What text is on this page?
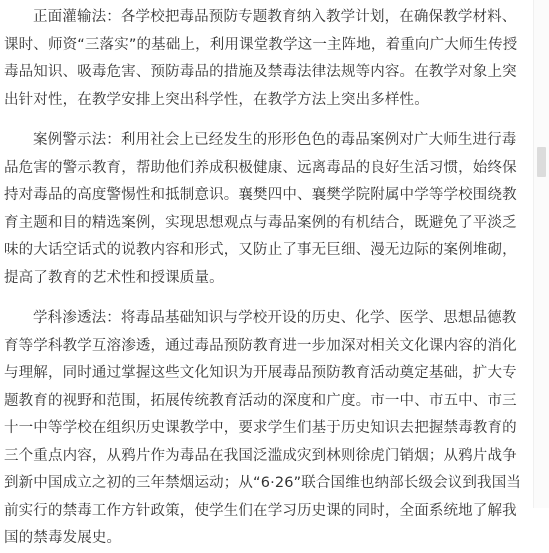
正面灌输法：各学校把毒品预防专题教育纳入教学计划，在确保教学材料、课时、师资“三落实”的基础上，利用课堂教学这一主阵地，着重向广大师生传授毒品知识、吸毒危害、预防毒品的措施及禁毒法律法规等内容。在教学对象上突出针对性，在教学安排上突出科学性，在教学方法上突出多样性。

案例警示法：利用社会上已经发生的形形色色的毒品案例对广大师生进行毒品危害的警示教育，帮助他们养成积极健康、远离毒品的良好生活习惯，始终保持对毒品的高度警惕性和抵制意识。襄樊四中、襄樊学院附属中学等学校围绕教育主题和目的精选案例，实现思想观点与毒品案例的有机结合，既避免了平淡乏味的大话空话式的说教内容和形式，又防止了事无巨细、漫无边际的案例堆砌，提高了教育的艺术性和授课质量。

学科渗透法：将毒品基础知识与学校开设的历史、化学、医学、思想品德教育等学科教学互溶渗透，通过毒品预防教育进一步加深对相关文化课内容的消化与理解，同时通过掌握这些文化知识为开展毒品预防教育活动奠定基础，扩大专题教育的视野和范围，拓展传统教育活动的深度和广度。市一中、市五中、市三十一中等学校在组织历史课教学中，要求学生们基于历史知识去把握禁毒教育的三个重点内容，从鸦片作为毒品在我国泛滥成灾到林则徐虎门销烟；从鸦片战争到新中国成立之初的三年禁烟运动；从“6·26”联合国维也纳部长级会议到我国当前实行的禁毒工作方针政策，使学生们在学习历史课的同时，全面系统地了解我国的禁毒发展史。
